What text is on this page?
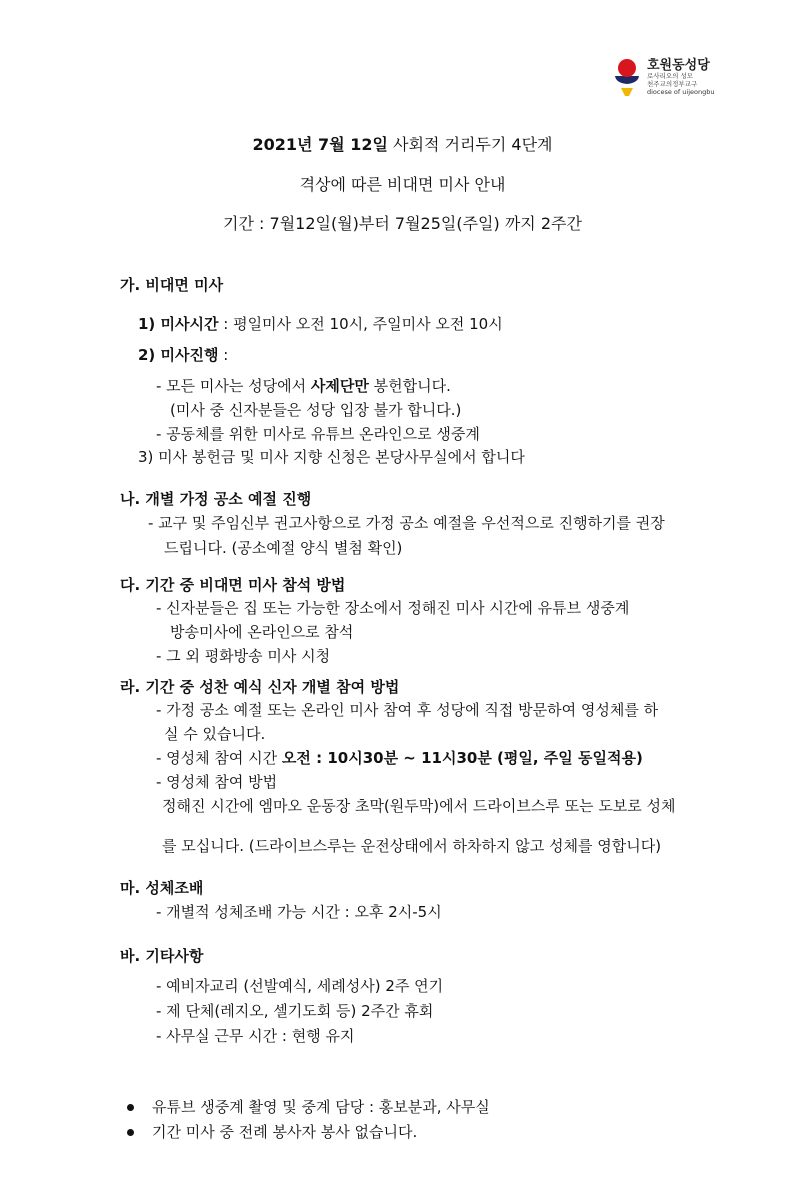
호원동성당
로사리오의 성모
천주교의정부교구
diocese of uijeongbu
2021년 7월 12일 사회적 거리두기 4단계
격상에 따른 비대면 미사 안내
기간 : 7월12일(월)부터 7월25일(주일) 까지 2주간
가. 비대면 미사
1) 미사시간 : 평일미사 오전 10시, 주일미사 오전 10시
2) 미사진행 :
- 모든 미사는 성당에서 사제단만 봉헌합니다.
(미사 중 신자분들은 성당 입장 불가 합니다.)
- 공동체를 위한 미사로 유튜브 온라인으로 생중계
3) 미사 봉헌금 및 미사 지향 신청은 본당사무실에서 합니다
나. 개별 가정 공소 예절 진행
- 교구 및 주임신부 권고사항으로 가정 공소 예절을 우선적으로 진행하기를 권장
드립니다. (공소예절 양식 별첨 확인)
다. 기간 중 비대면 미사 참석 방법
- 신자분들은 집 또는 가능한 장소에서 정해진 미사 시간에 유튜브 생중계
방송미사에 온라인으로 참석
- 그 외 평화방송 미사 시청
라. 기간 중 성찬 예식 신자 개별 참여 방법
- 가정 공소 예절 또는 온라인 미사 참여 후 성당에 직접 방문하여 영성체를 하
실 수 있습니다.
- 영성체 참여 시간 오전 : 10시30분 ~ 11시30분 (평일, 주일 동일적용)
- 영성체 참여 방법
정해진 시간에 엠마오 운동장 초막(원두막)에서 드라이브스루 또는 도보로 성체
를 모십니다. (드라이브스루는 운전상태에서 하차하지 않고 성체를 영합니다)
마. 성체조배
- 개별적 성체조배 가능 시간 : 오후 2시-5시
바. 기타사항
- 예비자교리 (선발예식, 세례성사) 2주 연기
- 제 단체(레지오, 셀기도회 등) 2주간 휴회
- 사무실 근무 시간 : 현행 유지
유튜브 생중계 촬영 및 중계 담당 : 홍보분과, 사무실
기간 미사 중 전례 봉사자 봉사 없습니다.
